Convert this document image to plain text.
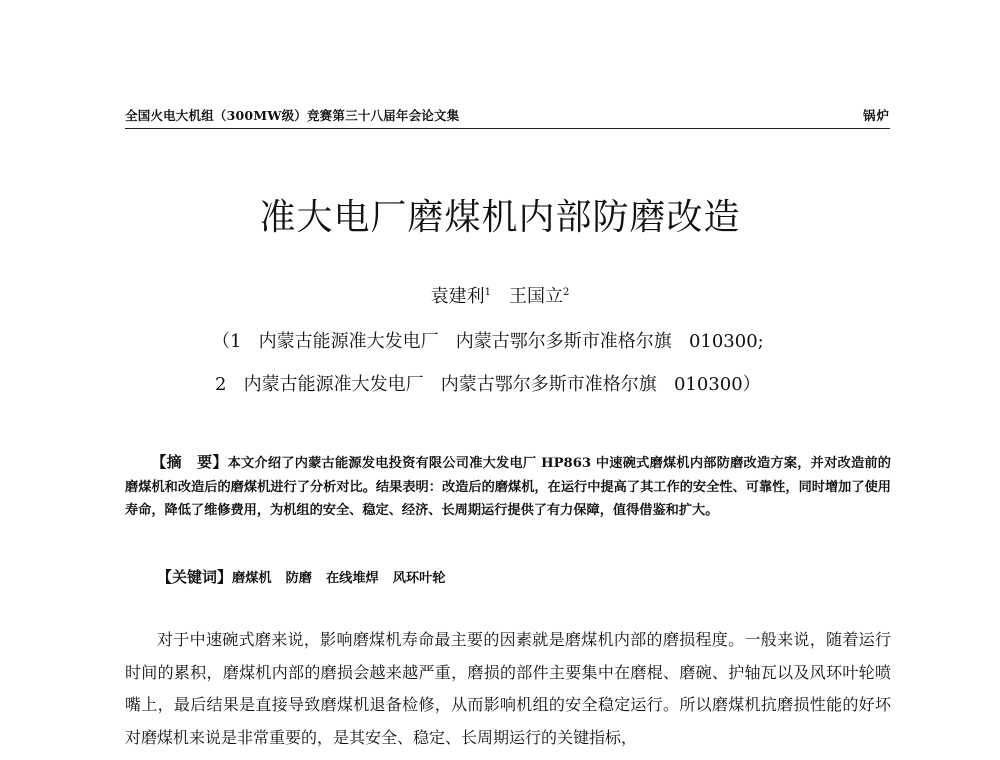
全国火电大机组（300MW级）竞赛第三十八届年会论文集	锅炉
准大电厂磨煤机内部防磨改造
袁建利$^1$ 王国立$^2$
（1   内蒙古能源准大发电厂   内蒙古鄂尔多斯市准格尔旗   010300;
2   内蒙古能源准大发电厂   内蒙古鄂尔多斯市准格尔旗   010300）
【摘　要】本文介绍了内蒙古能源发电投资有限公司准大发电厂 HP863 中速碗式磨煤机内部防磨改造方案，并对改造前的磨煤机和改造后的磨煤机进行了分析对比。结果表明：改造后的磨煤机，在运行中提高了其工作的安全性、可靠性，同时增加了使用寿命，降低了维修费用，为机组的安全、稳定、经济、长周期运行提供了有力保障，值得借鉴和扩大。
【关键词】磨煤机 防磨 在线堆焊 风环叶轮
对于中速碗式磨来说，影响磨煤机寿命最主要的因素就是磨煤机内部的磨损程度。一般来说，随着运行时间的累积，磨煤机内部的磨损会越来越严重，磨损的部件主要集中在磨棍、磨碗、护轴瓦以及风环叶轮喷嘴上，最后结果是直接导致磨煤机退备检修，从而影响机组的安全稳定运行。所以磨煤机抗磨损性能的好坏对磨煤机来说是非常重要的，是其安全、稳定、长周期运行的关键指标，
